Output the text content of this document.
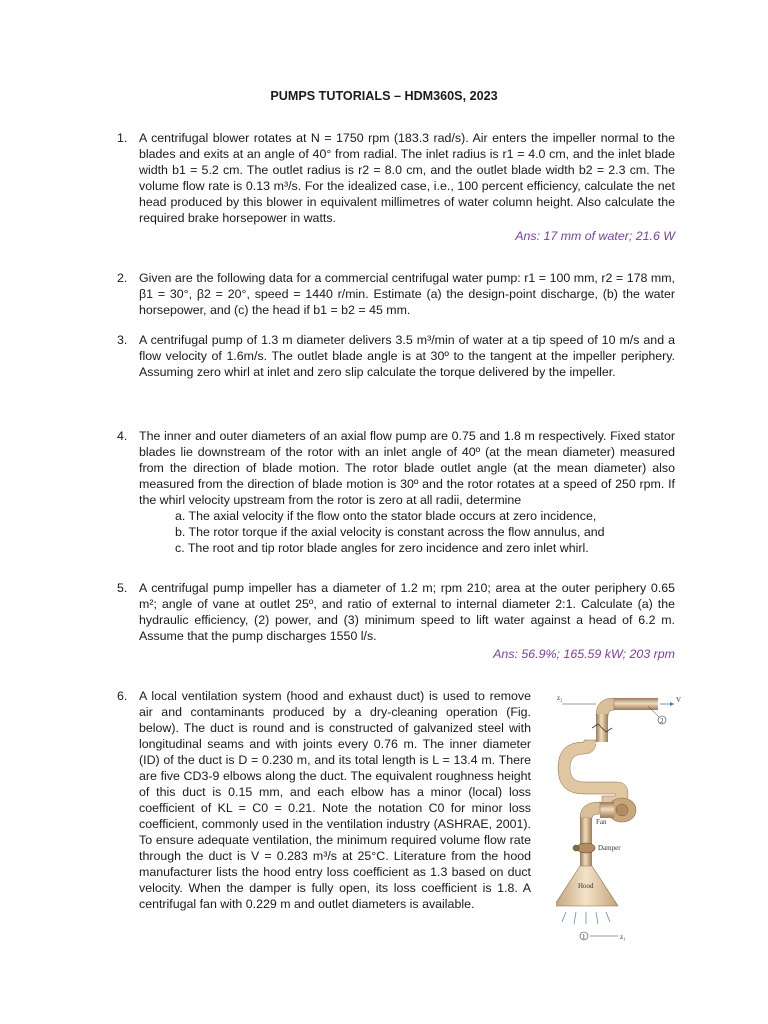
PUMPS TUTORIALS – HDM360S, 2023
1. A centrifugal blower rotates at N = 1750 rpm (183.3 rad/s). Air enters the impeller normal to the blades and exits at an angle of 40° from radial. The inlet radius is r1 = 4.0 cm, and the inlet blade width b1 = 5.2 cm. The outlet radius is r2 = 8.0 cm, and the outlet blade width b2 = 2.3 cm. The volume flow rate is 0.13 m³/s. For the idealized case, i.e., 100 percent efficiency, calculate the net head produced by this blower in equivalent millimetres of water column height. Also calculate the required brake horsepower in watts.

Ans: 17 mm of water; 21.6 W
2. Given are the following data for a commercial centrifugal water pump: r1 = 100 mm, r2 = 178 mm, β1 = 30°, β2 = 20°, speed = 1440 r/min. Estimate (a) the design-point discharge, (b) the water horsepower, and (c) the head if b1 = b2 = 45 mm.

3. A centrifugal pump of 1.3 m diameter delivers 3.5 m³/min of water at a tip speed of 10 m/s and a flow velocity of 1.6m/s. The outlet blade angle is at 30º to the tangent at the impeller periphery. Assuming zero whirl at inlet and zero slip calculate the torque delivered by the impeller.

4. The inner and outer diameters of an axial flow pump are 0.75 and 1.8 m respectively. Fixed stator blades lie downstream of the rotor with an inlet angle of 40º (at the mean diameter) measured from the direction of blade motion. The rotor blade outlet angle (at the mean diameter) also measured from the direction of blade motion is 30º and the rotor rotates at a speed of 250 rpm. If the whirl velocity upstream from the rotor is zero at all radii, determine

a. The axial velocity if the flow onto the stator blade occurs at zero incidence,
b. The rotor torque if the axial velocity is constant across the flow annulus, and
c. The root and tip rotor blade angles for zero incidence and zero inlet whirl.
5. A centrifugal pump impeller has a diameter of 1.2 m; rpm 210; area at the outer periphery 0.65 m²; angle of vane at outlet 25º, and ratio of external to internal diameter 2:1. Calculate (a) the hydraulic efficiency, (2) power, and (3) minimum speed to lift water against a head of 6.2 m. Assume that the pump discharges 1550 l/s.

Ans: 56.9%; 165.59 kW; 203 rpm
6. A local ventilation system (hood and exhaust duct) is used to remove air and contaminants produced by a dry-cleaning operation (Fig. below). The duct is round and is constructed of galvanized steel with longitudinal seams and with joints every 0.76 m. The inner diameter (ID) of the duct is D = 0.230 m, and its total length is L = 13.4 m. There are five CD3-9 elbows along the duct. The equivalent roughness height of this duct is 0.15 mm, and each elbow has a minor (local) loss coefficient of KL = C0 = 0.21. Note the notation C0 for minor loss coefficient, commonly used in the ventilation industry (ASHRAE, 2001). To ensure adequate ventilation, the minimum required volume flow rate through the duct is V = 0.283 m³/s at 25°C. Literature from the hood manufacturer lists the hood entry loss coefficient as 1.3 based on duct velocity. When the damper is fully open, its loss coefficient is 1.8. A centrifugal fan with 0.229 m and outlet diameters is available.

z₂	V
2
Fan
Damper
Hood
1	z₁
